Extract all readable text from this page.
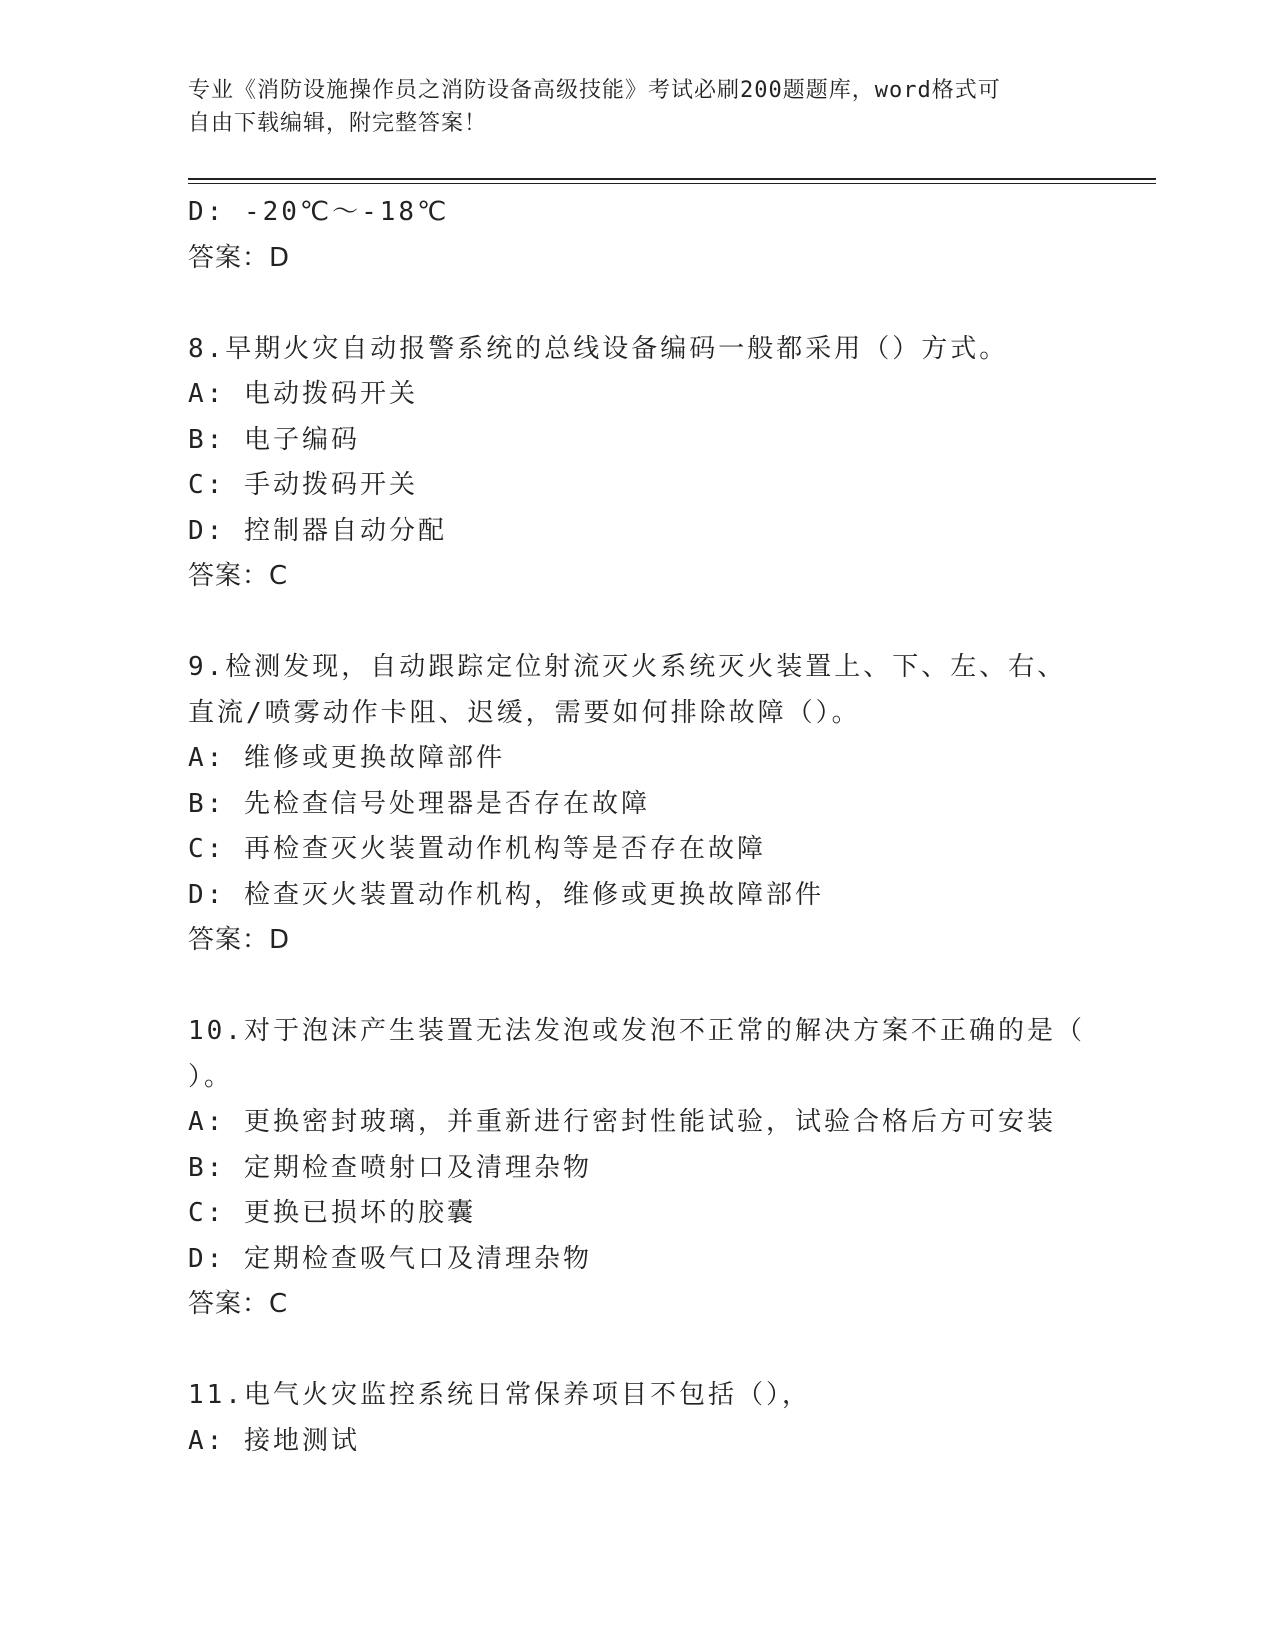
专业《消防设施操作员之消防设备高级技能》考试必刷200题题库，word格式可
自由下载编辑，附完整答案！
D: -20℃～-18℃
答案：D
8.早期火灾自动报警系统的总线设备编码一般都采用（）方式。
A: 电动拨码开关
B: 电子编码
C: 手动拨码开关
D: 控制器自动分配
答案：C
9.检测发现，自动跟踪定位射流灭火系统灭火装置上、下、左、右、
直流/喷雾动作卡阻、迟缓，需要如何排除故障（）。
A: 维修或更换故障部件
B: 先检查信号处理器是否存在故障
C: 再检查灭火装置动作机构等是否存在故障
D: 检查灭火装置动作机构，维修或更换故障部件
答案：D
10.对于泡沫产生装置无法发泡或发泡不正常的解决方案不正确的是（
）。
A: 更换密封玻璃，并重新进行密封性能试验，试验合格后方可安装
B: 定期检查喷射口及清理杂物
C: 更换已损坏的胶囊
D: 定期检查吸气口及清理杂物
答案：C
11.电气火灾监控系统日常保养项目不包括（），
A: 接地测试
